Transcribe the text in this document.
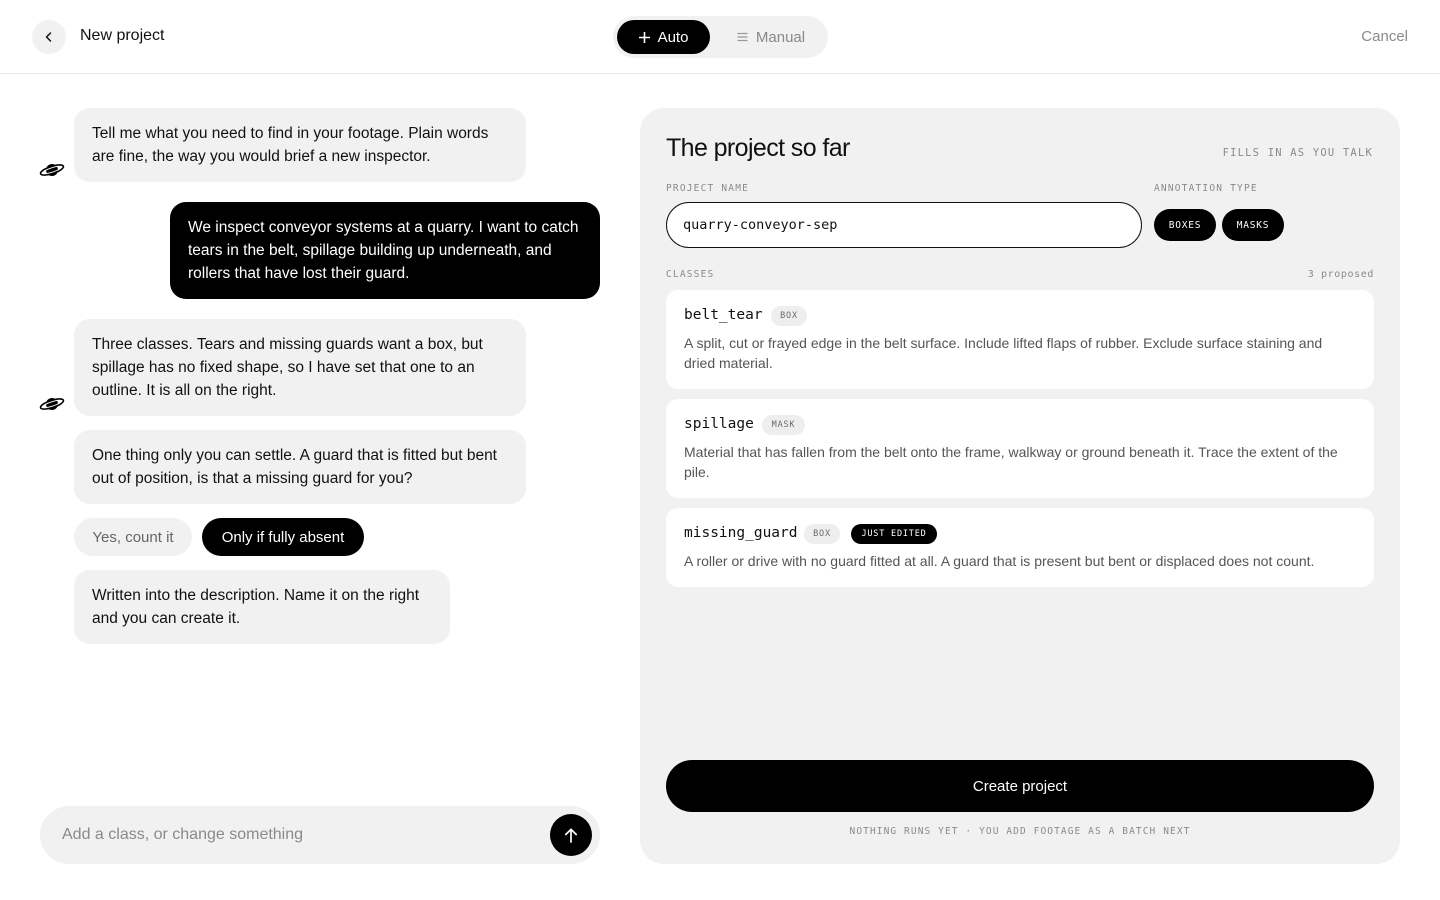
New project	Auto	Manual	Cancel
Tell me what you need to find in your footage. Plain words are fine, the way you would brief a new inspector.
We inspect conveyor systems at a quarry. I want to catch tears in the belt, spillage building up underneath, and rollers that have lost their guard.
Three classes. Tears and missing guards want a box, but spillage has no fixed shape, so I have set that one to an outline. It is all on the right.
One thing only you can settle. A guard that is fitted but bent out of position, is that a missing guard for you?
Yes, count it	Only if fully absent
Written into the description. Name it on the right and you can create it.
Add a class, or change something
The project so far	FILLS IN AS YOU TALK
PROJECT NAME
quarry-conveyor-sep	ANNOTATION TYPE
BOXES	MASKS
CLASSES	3 proposed
belt_tear	BOX
A split, cut or frayed edge in the belt surface. Include lifted flaps of rubber. Exclude surface staining and dried material.
spillage	MASK
Material that has fallen from the belt onto the frame, walkway or ground beneath it. Trace the extent of the pile.
missing_guard	BOX	JUST EDITED
A roller or drive with no guard fitted at all. A guard that is present but bent or displaced does not count.
Create project
NOTHING RUNS YET · YOU ADD FOOTAGE AS A BATCH NEXT
